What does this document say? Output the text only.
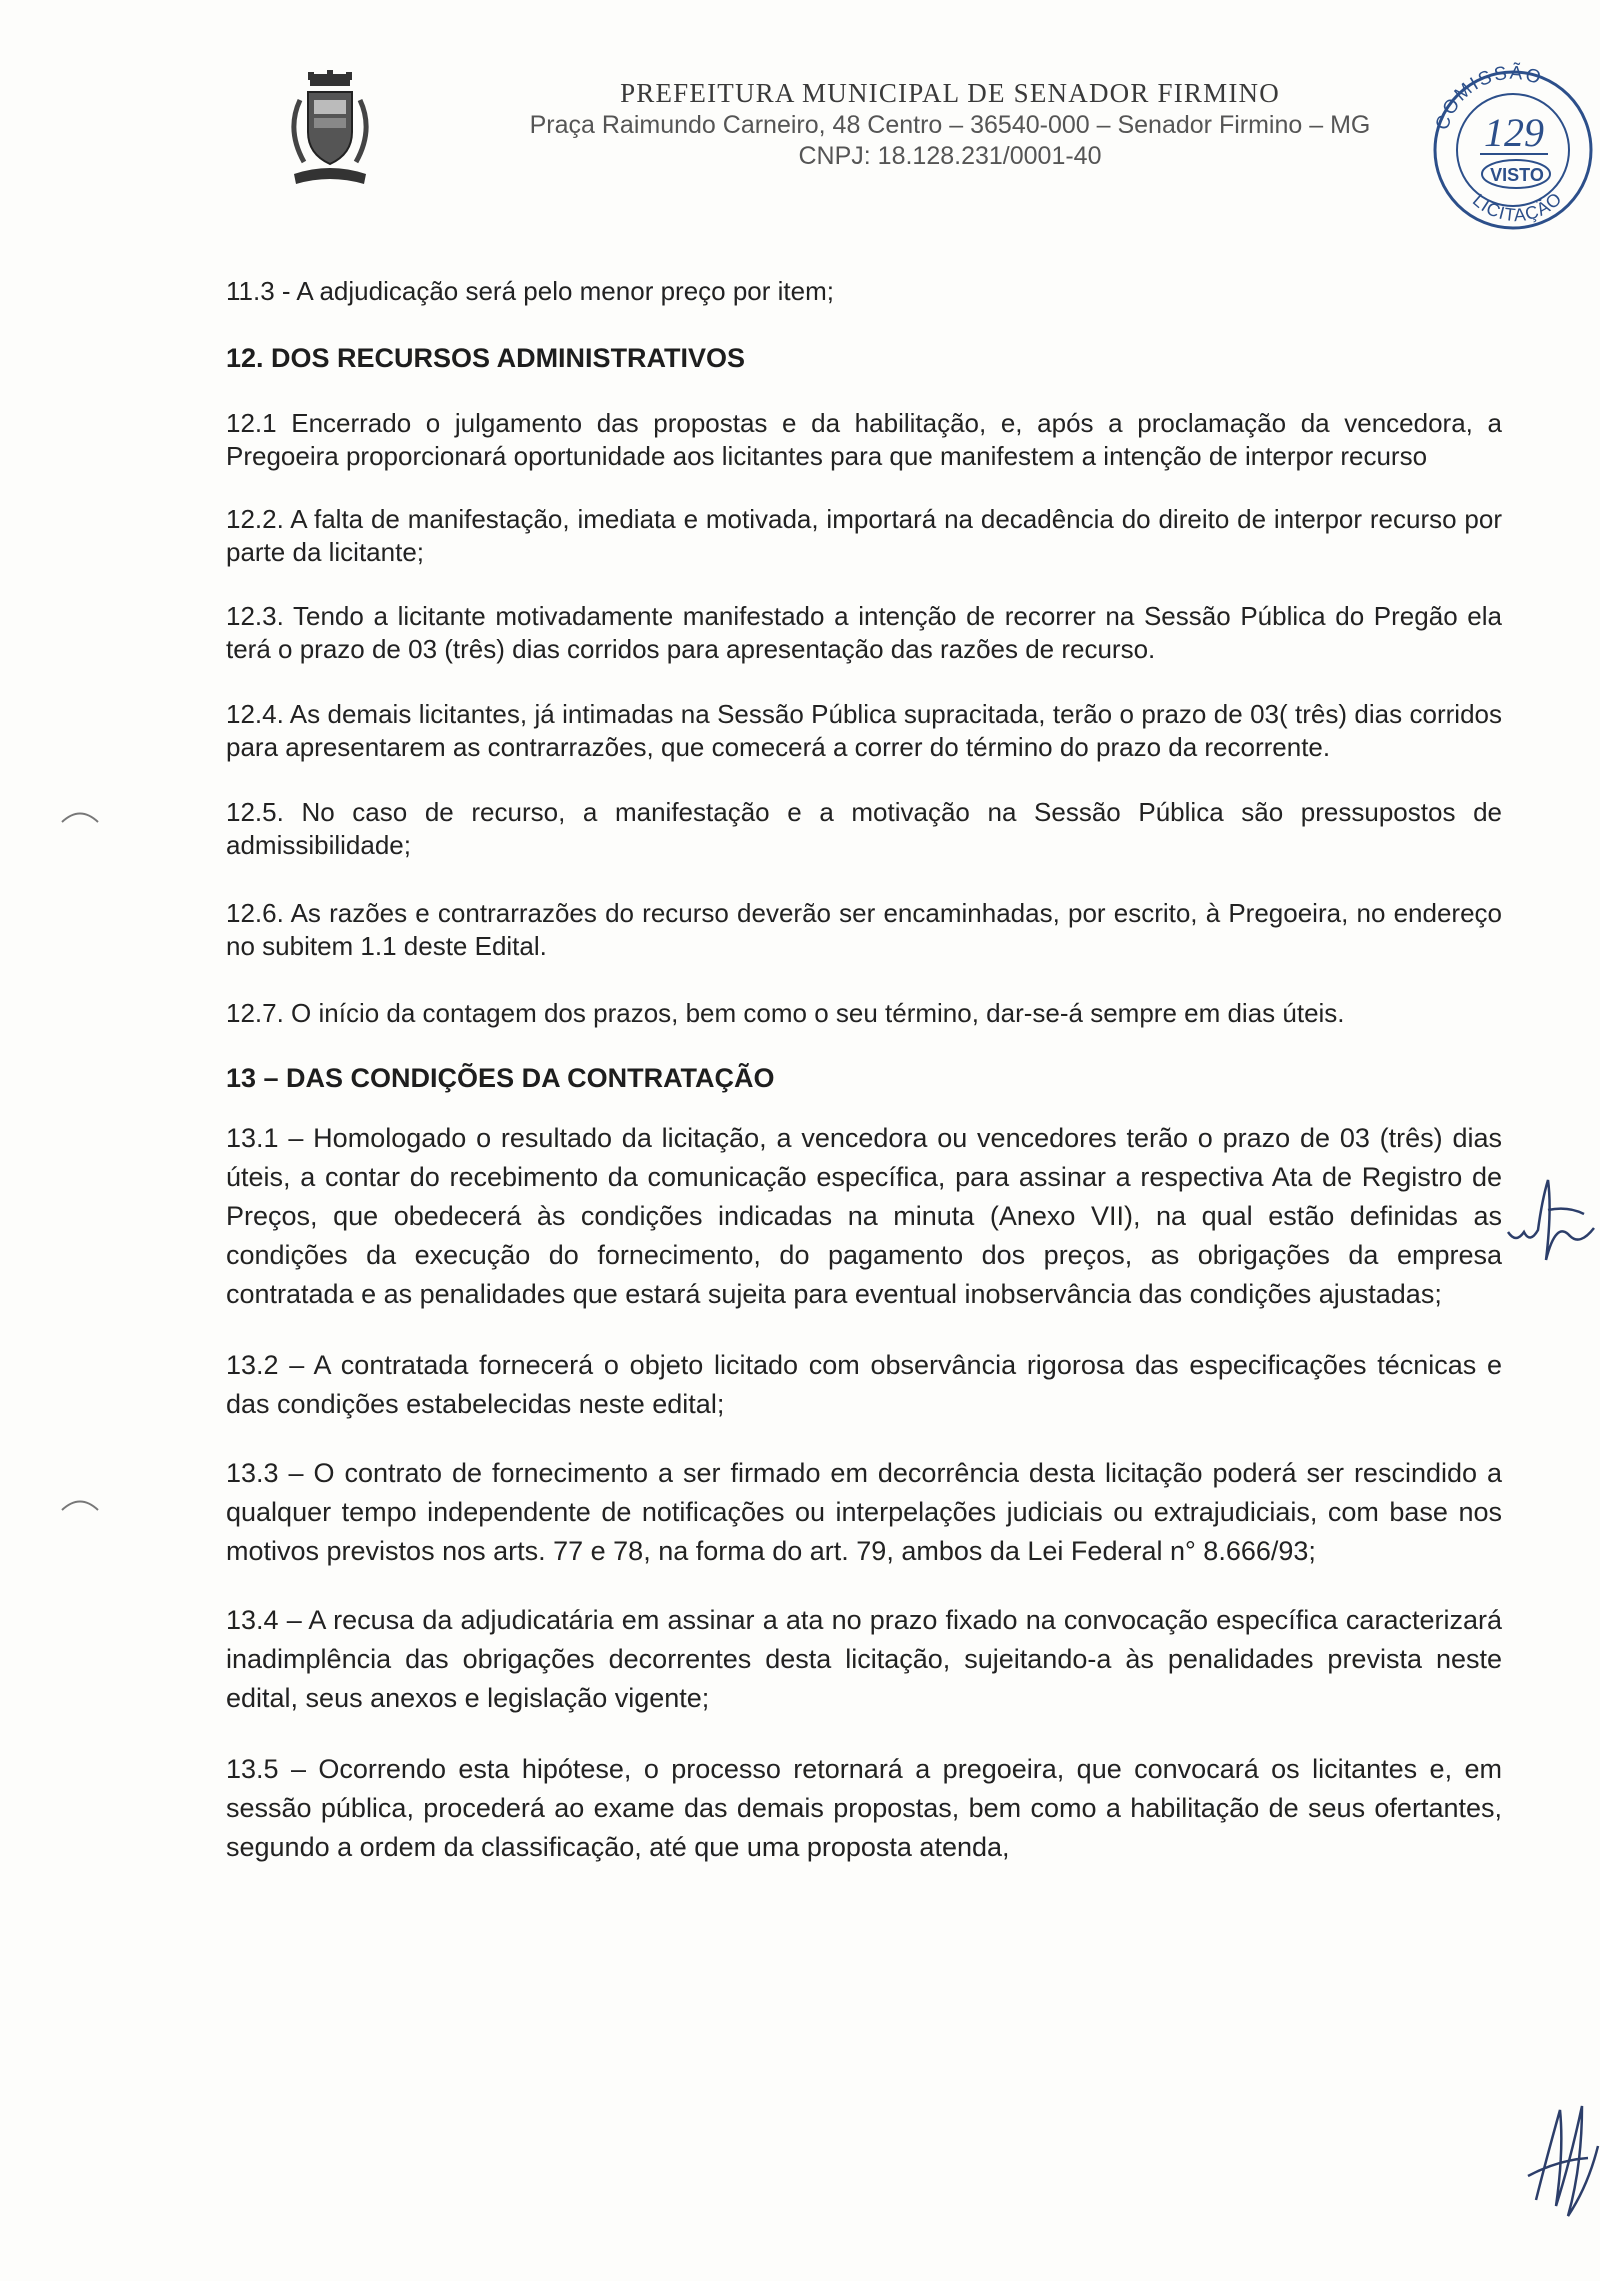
PREFEITURA MUNICIPAL DE SENADOR FIRMINO
Praça Raimundo Carneiro, 48 Centro – 36540-000 – Senador Firmino – MG
CNPJ: 18.128.231/0001-40
COMISSÃO
129
VISTO
LICITAÇÃO

11.3 - A adjudicação será pelo menor preço por item;

12. DOS RECURSOS ADMINISTRATIVOS

12.1 Encerrado o julgamento das propostas e da habilitação, e, após a proclamação da vencedora, a Pregoeira proporcionará oportunidade aos licitantes para que manifestem a intenção de interpor recurso

12.2. A falta de manifestação, imediata e motivada, importará na decadência do direito de interpor recurso por parte da licitante;

12.3. Tendo a licitante motivadamente manifestado a intenção de recorrer na Sessão Pública do Pregão ela terá o prazo de 03 (três) dias corridos para apresentação das razões de recurso.

12.4. As demais licitantes, já intimadas na Sessão Pública supracitada, terão o prazo de 03( três) dias corridos para apresentarem as contrarrazões, que comecerá a correr do término do prazo da recorrente.

12.5. No caso de recurso, a manifestação e a motivação na Sessão Pública são pressupostos de admissibilidade;

12.6. As razões e contrarrazões do recurso deverão ser encaminhadas, por escrito, à Pregoeira, no endereço no subitem 1.1 deste Edital.

12.7. O início da contagem dos prazos, bem como o seu término, dar-se-á sempre em dias úteis.

13 – DAS CONDIÇÕES DA CONTRATAÇÃO

13.1 – Homologado o resultado da licitação, a vencedora ou vencedores terão o prazo de 03 (três) dias úteis, a contar do recebimento da comunicação específica, para assinar a respectiva Ata de Registro de Preços, que obedecerá às condições indicadas na minuta (Anexo VII), na qual estão definidas as condições da execução do fornecimento, do pagamento dos preços, as obrigações da empresa contratada e as penalidades que estará sujeita para eventual inobservância das condições ajustadas;

13.2 – A contratada fornecerá o objeto licitado com observância rigorosa das especificações técnicas e das condições estabelecidas neste edital;

13.3 – O contrato de fornecimento a ser firmado em decorrência desta licitação poderá ser rescindido a qualquer tempo independente de notificações ou interpelações judiciais ou extrajudiciais, com base nos motivos previstos nos arts. 77 e 78, na forma do art. 79, ambos da Lei Federal n° 8.666/93;

13.4 – A recusa da adjudicatária em assinar a ata no prazo fixado na convocação específica caracterizará inadimplência das obrigações decorrentes desta licitação, sujeitando-a às penalidades prevista neste edital, seus anexos e legislação vigente;

13.5 – Ocorrendo esta hipótese, o processo retornará a pregoeira, que convocará os licitantes e, em sessão pública, procederá ao exame das demais propostas, bem como a habilitação de seus ofertantes, segundo a ordem da classificação, até que uma proposta atenda,
